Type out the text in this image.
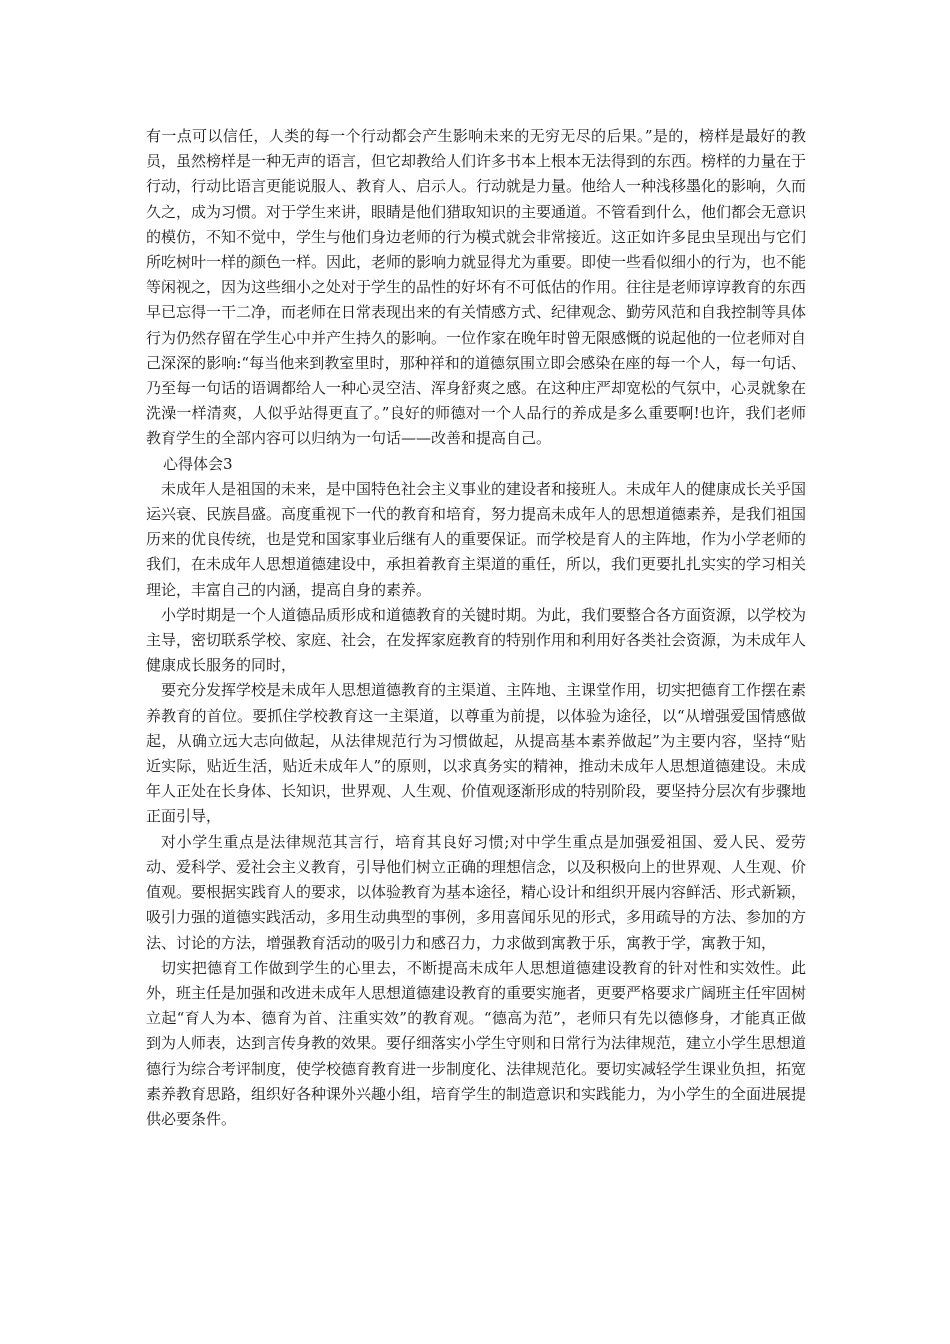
有一点可以信任，人类的每一个行动都会产生影响未来的无穷无尽的后果。”是的，榜样是最好的教员，虽然榜样是一种无声的语言，但它却教给人们许多书本上根本无法得到的东西。榜样的力量在于行动，行动比语言更能说服人、教育人、启示人。行动就是力量。他给人一种浅移墨化的影响，久而久之，成为习惯。对于学生来讲，眼睛是他们猎取知识的主要通道。不管看到什么，他们都会无意识的模仿，不知不觉中，学生与他们身边老师的行为模式就会非常接近。这正如许多昆虫呈现出与它们所吃树叶一样的颜色一样。因此，老师的影响力就显得尤为重要。即使一些看似细小的行为，也不能等闲视之，因为这些细小之处对于学生的品性的好坏有不可低估的作用。往往是老师谆谆教育的东西早已忘得一干二净，而老师在日常表现出来的有关情感方式、纪律观念、勤劳风范和自我控制等具体行为仍然存留在学生心中并产生持久的影响。一位作家在晚年时曾无限感慨的说起他的一位老师对自己深深的影响:“每当他来到教室里时，那种祥和的道德氛围立即会感染在座的每一个人，每一句话、乃至每一句话的语调都给人一种心灵空洁、浑身舒爽之感。在这种庄严却宽松的气氛中，心灵就象在洗澡一样清爽，人似乎站得更直了。”良好的师德对一个人品行的养成是多么重要啊!也许，我们老师教育学生的全部内容可以归纳为一句话——改善和提高自己。

心得体会3

未成年人是祖国的未来，是中国特色社会主义事业的建设者和接班人。未成年人的健康成长关乎国运兴衰、民族昌盛。高度重视下一代的教育和培育，努力提高未成年人的思想道德素养，是我们祖国历来的优良传统，也是党和国家事业后继有人的重要保证。而学校是育人的主阵地，作为小学老师的我们，在未成年人思想道德建设中，承担着教育主渠道的重任，所以，我们更要扎扎实实的学习相关理论，丰富自己的内涵，提高自身的素养。

小学时期是一个人道德品质形成和道德教育的关键时期。为此，我们要整合各方面资源，以学校为主导，密切联系学校、家庭、社会，在发挥家庭教育的特别作用和利用好各类社会资源，为未成年人健康成长服务的同时，

要充分发挥学校是未成年人思想道德教育的主渠道、主阵地、主课堂作用，切实把德育工作摆在素养教育的首位。要抓住学校教育这一主渠道，以尊重为前提，以体验为途径，以“从增强爱国情感做起，从确立远大志向做起，从法律规范行为习惯做起，从提高基本素养做起”为主要内容，坚持“贴近实际，贴近生活，贴近未成年人”的原则，以求真务实的精神，推动未成年人思想道德建设。未成年人正处在长身体、长知识，世界观、人生观、价值观逐渐形成的特别阶段，要坚持分层次有步骤地正面引导，

对小学生重点是法律规范其言行，培育其良好习惯;对中学生重点是加强爱祖国、爱人民、爱劳动、爱科学、爱社会主义教育，引导他们树立正确的理想信念，以及积极向上的世界观、人生观、价值观。要根据实践育人的要求，以体验教育为基本途径，精心设计和组织开展内容鲜活、形式新颖，吸引力强的道德实践活动，多用生动典型的事例，多用喜闻乐见的形式，多用疏导的方法、参加的方法、讨论的方法，增强教育活动的吸引力和感召力，力求做到寓教于乐，寓教于学，寓教于知，

切实把德育工作做到学生的心里去，不断提高未成年人思想道德建设教育的针对性和实效性。此外，班主任是加强和改进未成年人思想道德建设教育的重要实施者，更要严格要求广阔班主任牢固树立起“育人为本、德育为首、注重实效”的教育观。“德高为范”，老师只有先以德修身，才能真正做到为人师表，达到言传身教的效果。要仔细落实小学生守则和日常行为法律规范，建立小学生思想道德行为综合考评制度，使学校德育教育进一步制度化、法律规范化。要切实减轻学生课业负担，拓宽素养教育思路，组织好各种课外兴趣小组，培育学生的制造意识和实践能力，为小学生的全面进展提供必要条件。
